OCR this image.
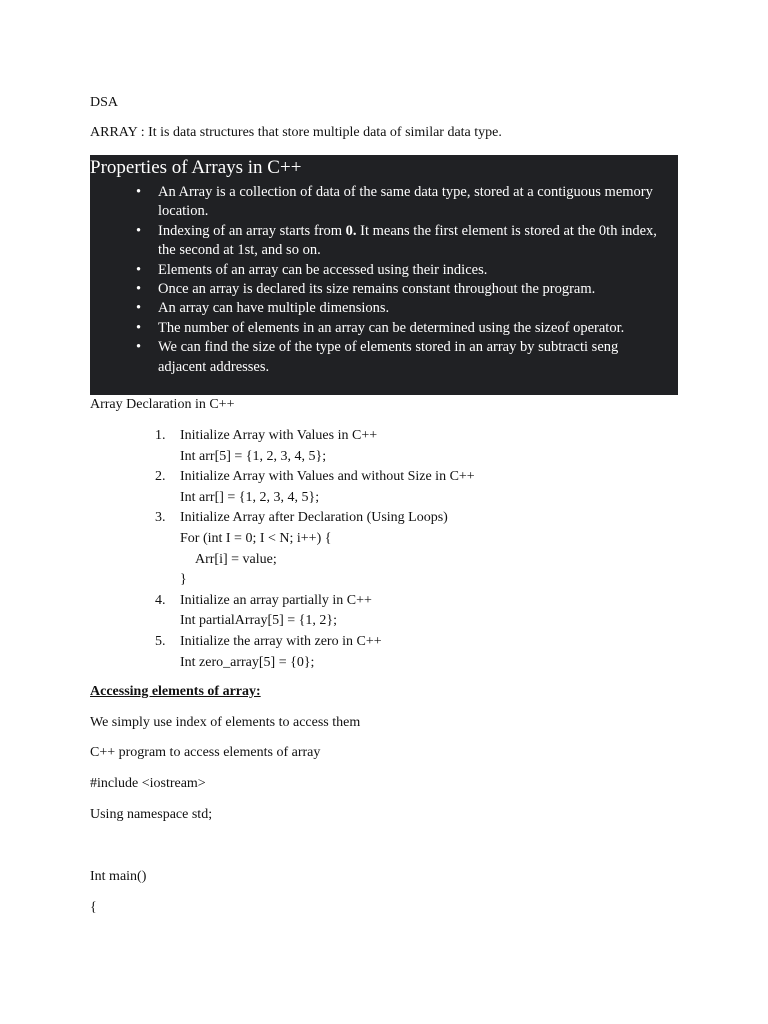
DSA
ARRAY : It is data structures that store multiple data of similar data type.
Properties of Arrays in C++
• An Array is a collection of data of the same data type, stored at a contiguous memory location.
• Indexing of an array starts from 0. It means the first element is stored at the 0th index, the second at 1st, and so on.
• Elements of an array can be accessed using their indices.
• Once an array is declared its size remains constant throughout the program.
• An array can have multiple dimensions.
• The number of elements in an array can be determined using the sizeof operator.
• We can find the size of the type of elements stored in an array by subtracti seng adjacent addresses.
Array Declaration in C++
1. Initialize Array with Values in C++
Int arr[5] = {1, 2, 3, 4, 5};
2. Initialize Array with Values and without Size in C++
Int arr[] = {1, 2, 3, 4, 5};
3. Initialize Array after Declaration (Using Loops)
For (int I = 0; I < N; i++) {
Arr[i] = value;
}
4. Initialize an array partially in C++
Int partialArray[5] = {1, 2};
5. Initialize the array with zero in C++
Int zero_array[5] = {0};
Accessing elements of array:
We simply use index of elements to access them
C++ program to access elements of array
#include <iostream>
Using namespace std;
Int main()
{
